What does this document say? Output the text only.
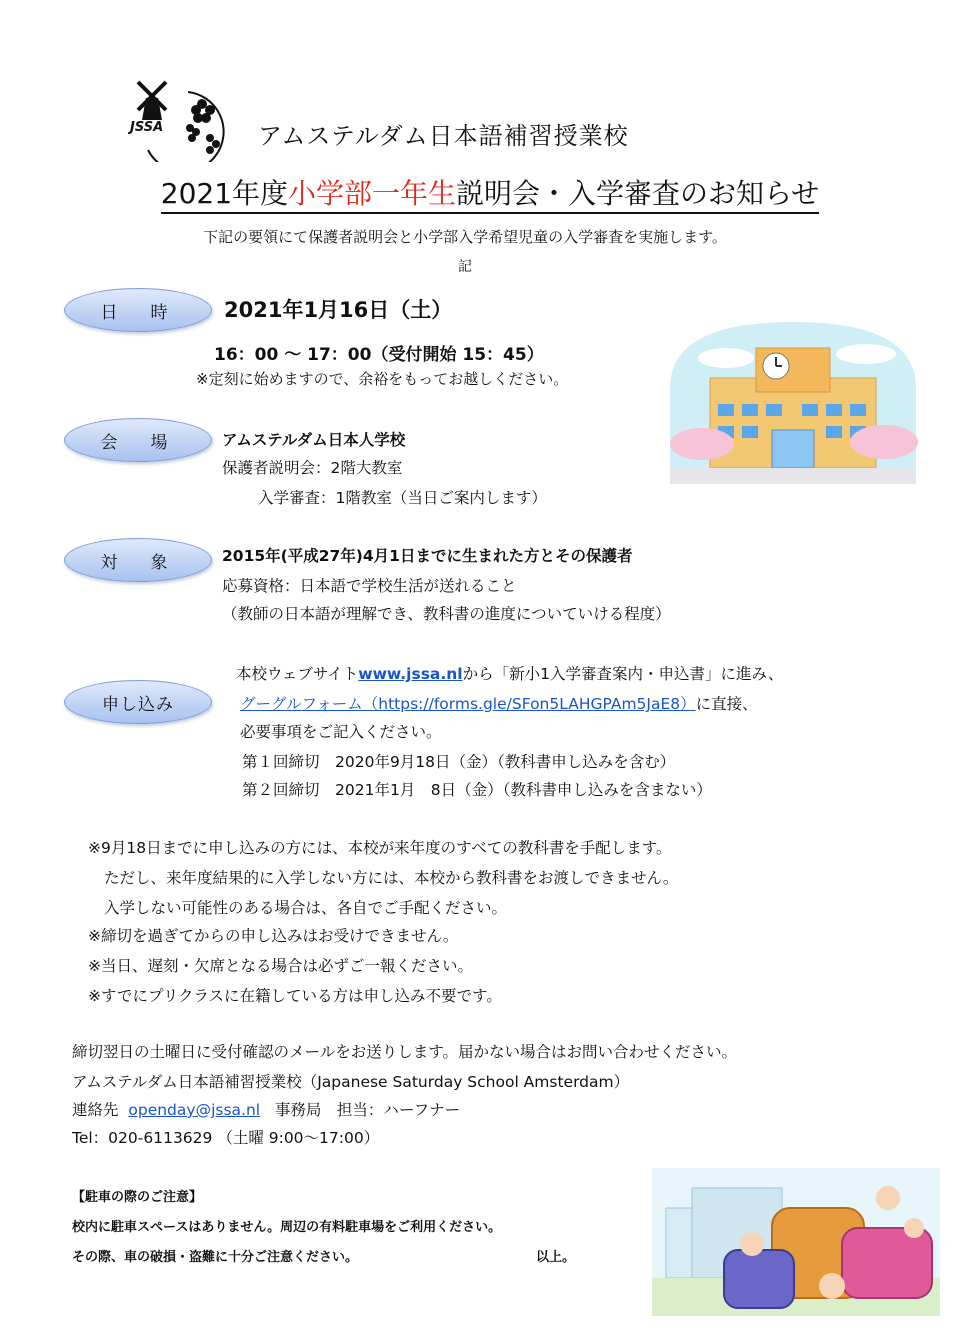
JSSA	アムステルダム日本語補習授業校
2021年度小学部一年生説明会・入学審査のお知らせ
下記の要領にて保護者説明会と小学部入学希望児童の入学審査を実施します。
記
日　時	2021年1月16日（土）
16：00 ～ 17：00（受付開始 15：45）
※定刻に始めますので、余裕をもってお越しください。
会　場	アムステルダム日本人学校
保護者説明会：2階大教室
入学審査：1階教室（当日ご案内します）
対　象	2015年(平成27年)4月1日までに生まれた方とその保護者
応募資格：日本語で学校生活が送れること
（教師の日本語が理解でき、教科書の進度についていける程度）
申し込み
本校ウェブサイトwww.jssa.nlから「新小1入学審査案内・申込書」に進み、
グーグルフォーム（https://forms.gle/SFon5LAHGPAm5JaE8）に直接、
必要事項をご記入ください。
第１回締切　2020年9月18日（金）（教科書申し込みを含む）
第２回締切　2021年1月　8日（金）（教科書申し込みを含まない）
※9月18日までに申し込みの方には、本校が来年度のすべての教科書を手配します。
ただし、来年度結果的に入学しない方には、本校から教科書をお渡しできません。
入学しない可能性のある場合は、各自でご手配ください。
※締切を過ぎてからの申し込みはお受けできません。
※当日、遅刻・欠席となる場合は必ずご一報ください。
※すでにプリクラスに在籍している方は申し込み不要です。
締切翌日の土曜日に受付確認のメールをお送りします。届かない場合はお問い合わせください。
アムステルダム日本語補習授業校（Japanese Saturday School Amsterdam）
連絡先 openday@jssa.nl 事務局　担当：ハーフナー
Tel：020-6113629 （土曜 9:00～17:00）
【駐車の際のご注意】
校内に駐車スペースはありません。周辺の有料駐車場をご利用ください。
その際、車の破損・盗難に十分ご注意ください。	以上。
